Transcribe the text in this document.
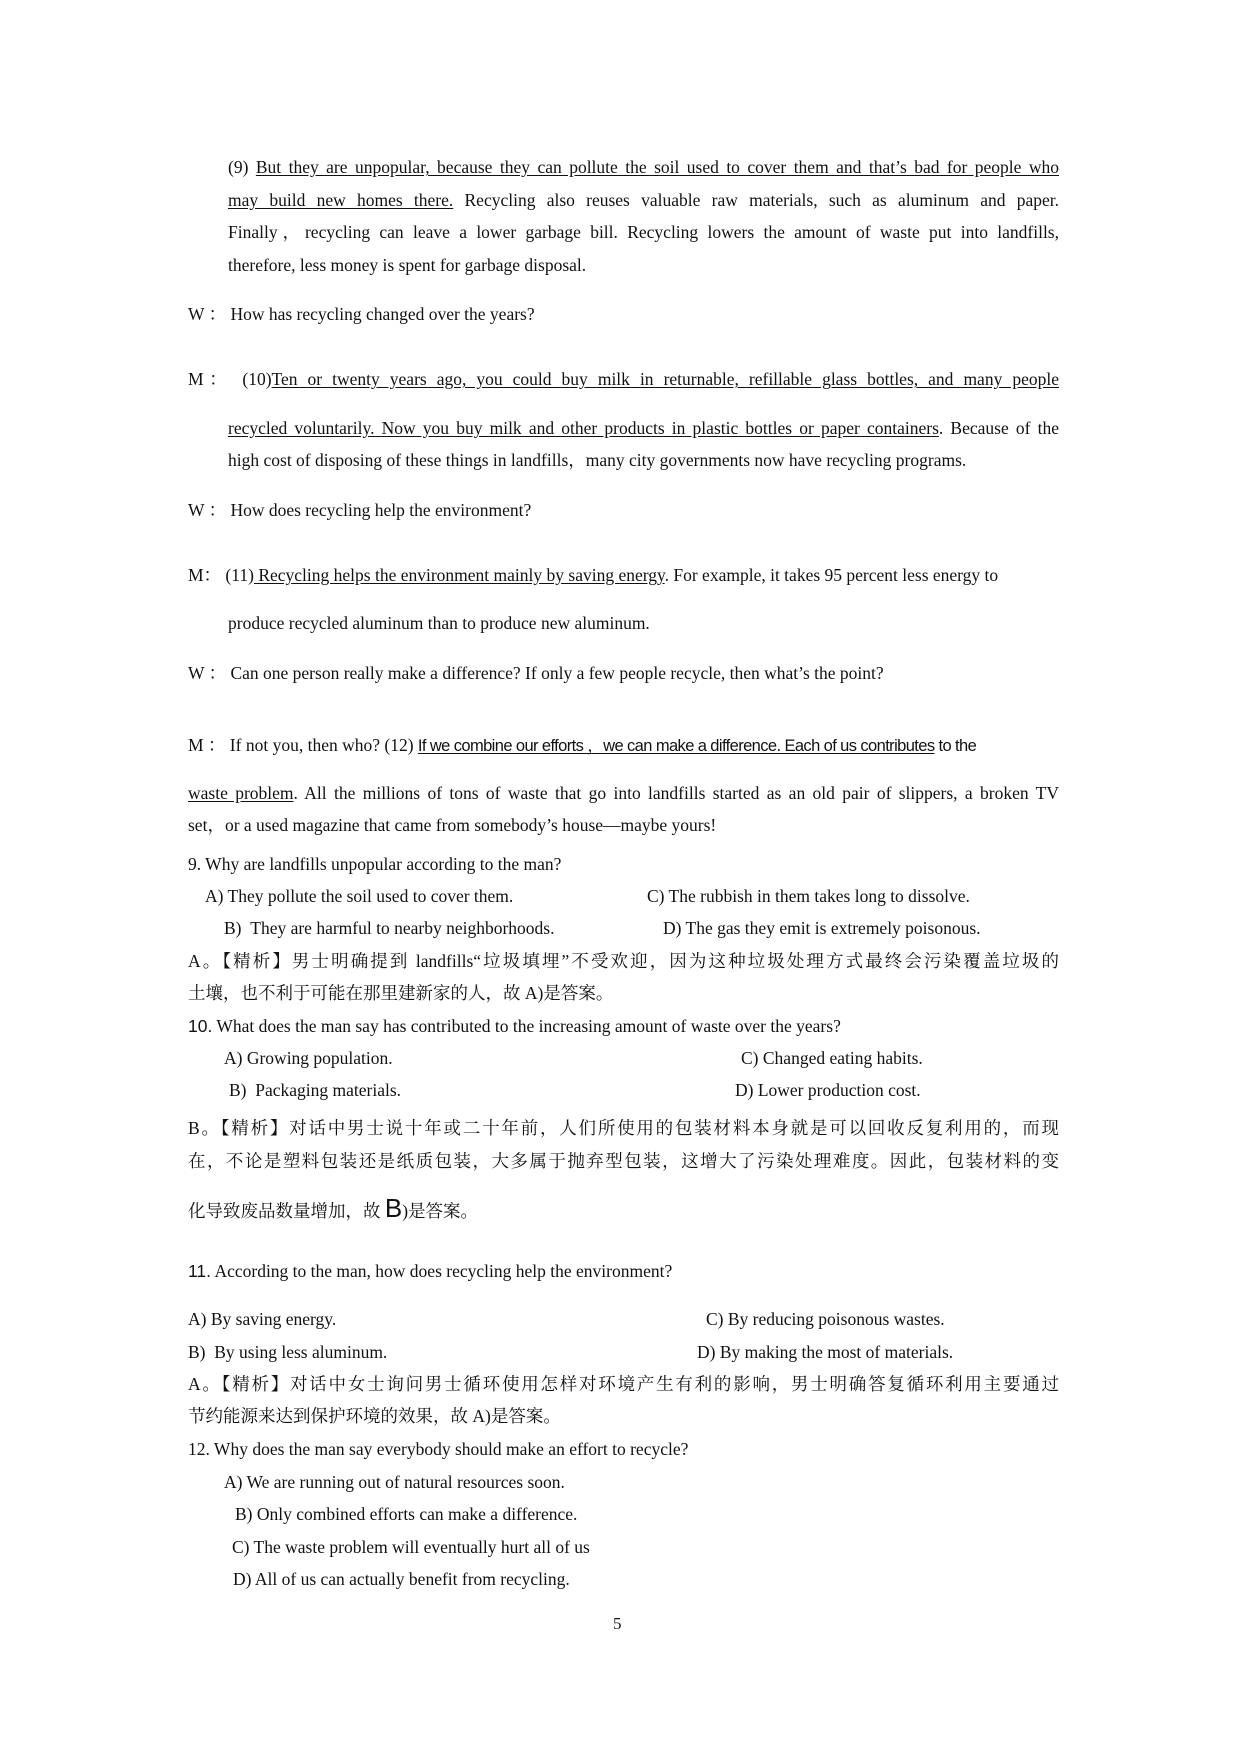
(9) But they are unpopular, because they can pollute the soil used to cover them and that’s bad for people who
may build new homes there. Recycling also reuses valuable raw materials, such as aluminum and paper.
Finally，recycling can leave a lower garbage bill. Recycling lowers the amount of waste put into landfills,
therefore, less money is spent for garbage disposal.
W ： How has recycling changed over the years?
M： (10)Ten or twenty years ago, you could buy milk in returnable, refillable glass bottles, and many people
recycled voluntarily. Now you buy milk and other products in plastic bottles or paper containers. Because of the
high cost of disposing of these things in landfills，many city governments now have recycling programs.
W ： How does recycling help the environment?
M： (11) Recycling helps the environment mainly by saving energy. For example, it takes 95 percent less energy to
produce recycled aluminum than to produce new aluminum.
W ： Can one person really make a difference? If only a few people recycle, then what’s the point?
M ： If not you, then who? (12) If we combine our efforts ，we can make a difference. Each of us contributes to the
waste problem. All the millions of tons of waste that go into landfills started as an old pair of slippers, a broken TV
set，or a used magazine that came from somebody’s house—maybe yours!
9. Why are landfills unpopular according to the man?
A) They pollute the soil used to cover them.	C) The rubbish in them takes long to dissolve.
B)  They are harmful to nearby neighborhoods.	D) The gas they emit is extremely poisonous.
A。【精析】男士明确提到 landfills“垃圾填埋”不受欢迎，因为这种垃圾处理方式最终会污染覆盖垃圾的
土壤，也不利于可能在那里建新家的人，故 A)是答案。
10. What does the man say has contributed to the increasing amount of waste over the years?
A) Growing population.	C) Changed eating habits.
B)  Packaging materials.	D) Lower production cost.
B。【精析】对话中男士说十年或二十年前，人们所使用的包装材料本身就是可以回收反复利用的，而现
在，不论是塑料包装还是纸质包装，大多属于抛弃型包装，这增大了污染处理难度。因此，包装材料的变
化导致废品数量增加，故 B)是答案。
11. According to the man, how does recycling help the environment?
A) By saving energy.	C) By reducing poisonous wastes.
B)  By using less aluminum.	D) By making the most of materials.
A。【精析】对话中女士询问男士循环使用怎样对环境产生有利的影响，男士明确答复循环利用主要通过
节约能源来达到保护环境的效果，故 A)是答案。
12. Why does the man say everybody should make an effort to recycle?
A) We are running out of natural resources soon.
B) Only combined efforts can make a difference.
C) The waste problem will eventually hurt all of us
D) All of us can actually benefit from recycling.
5
